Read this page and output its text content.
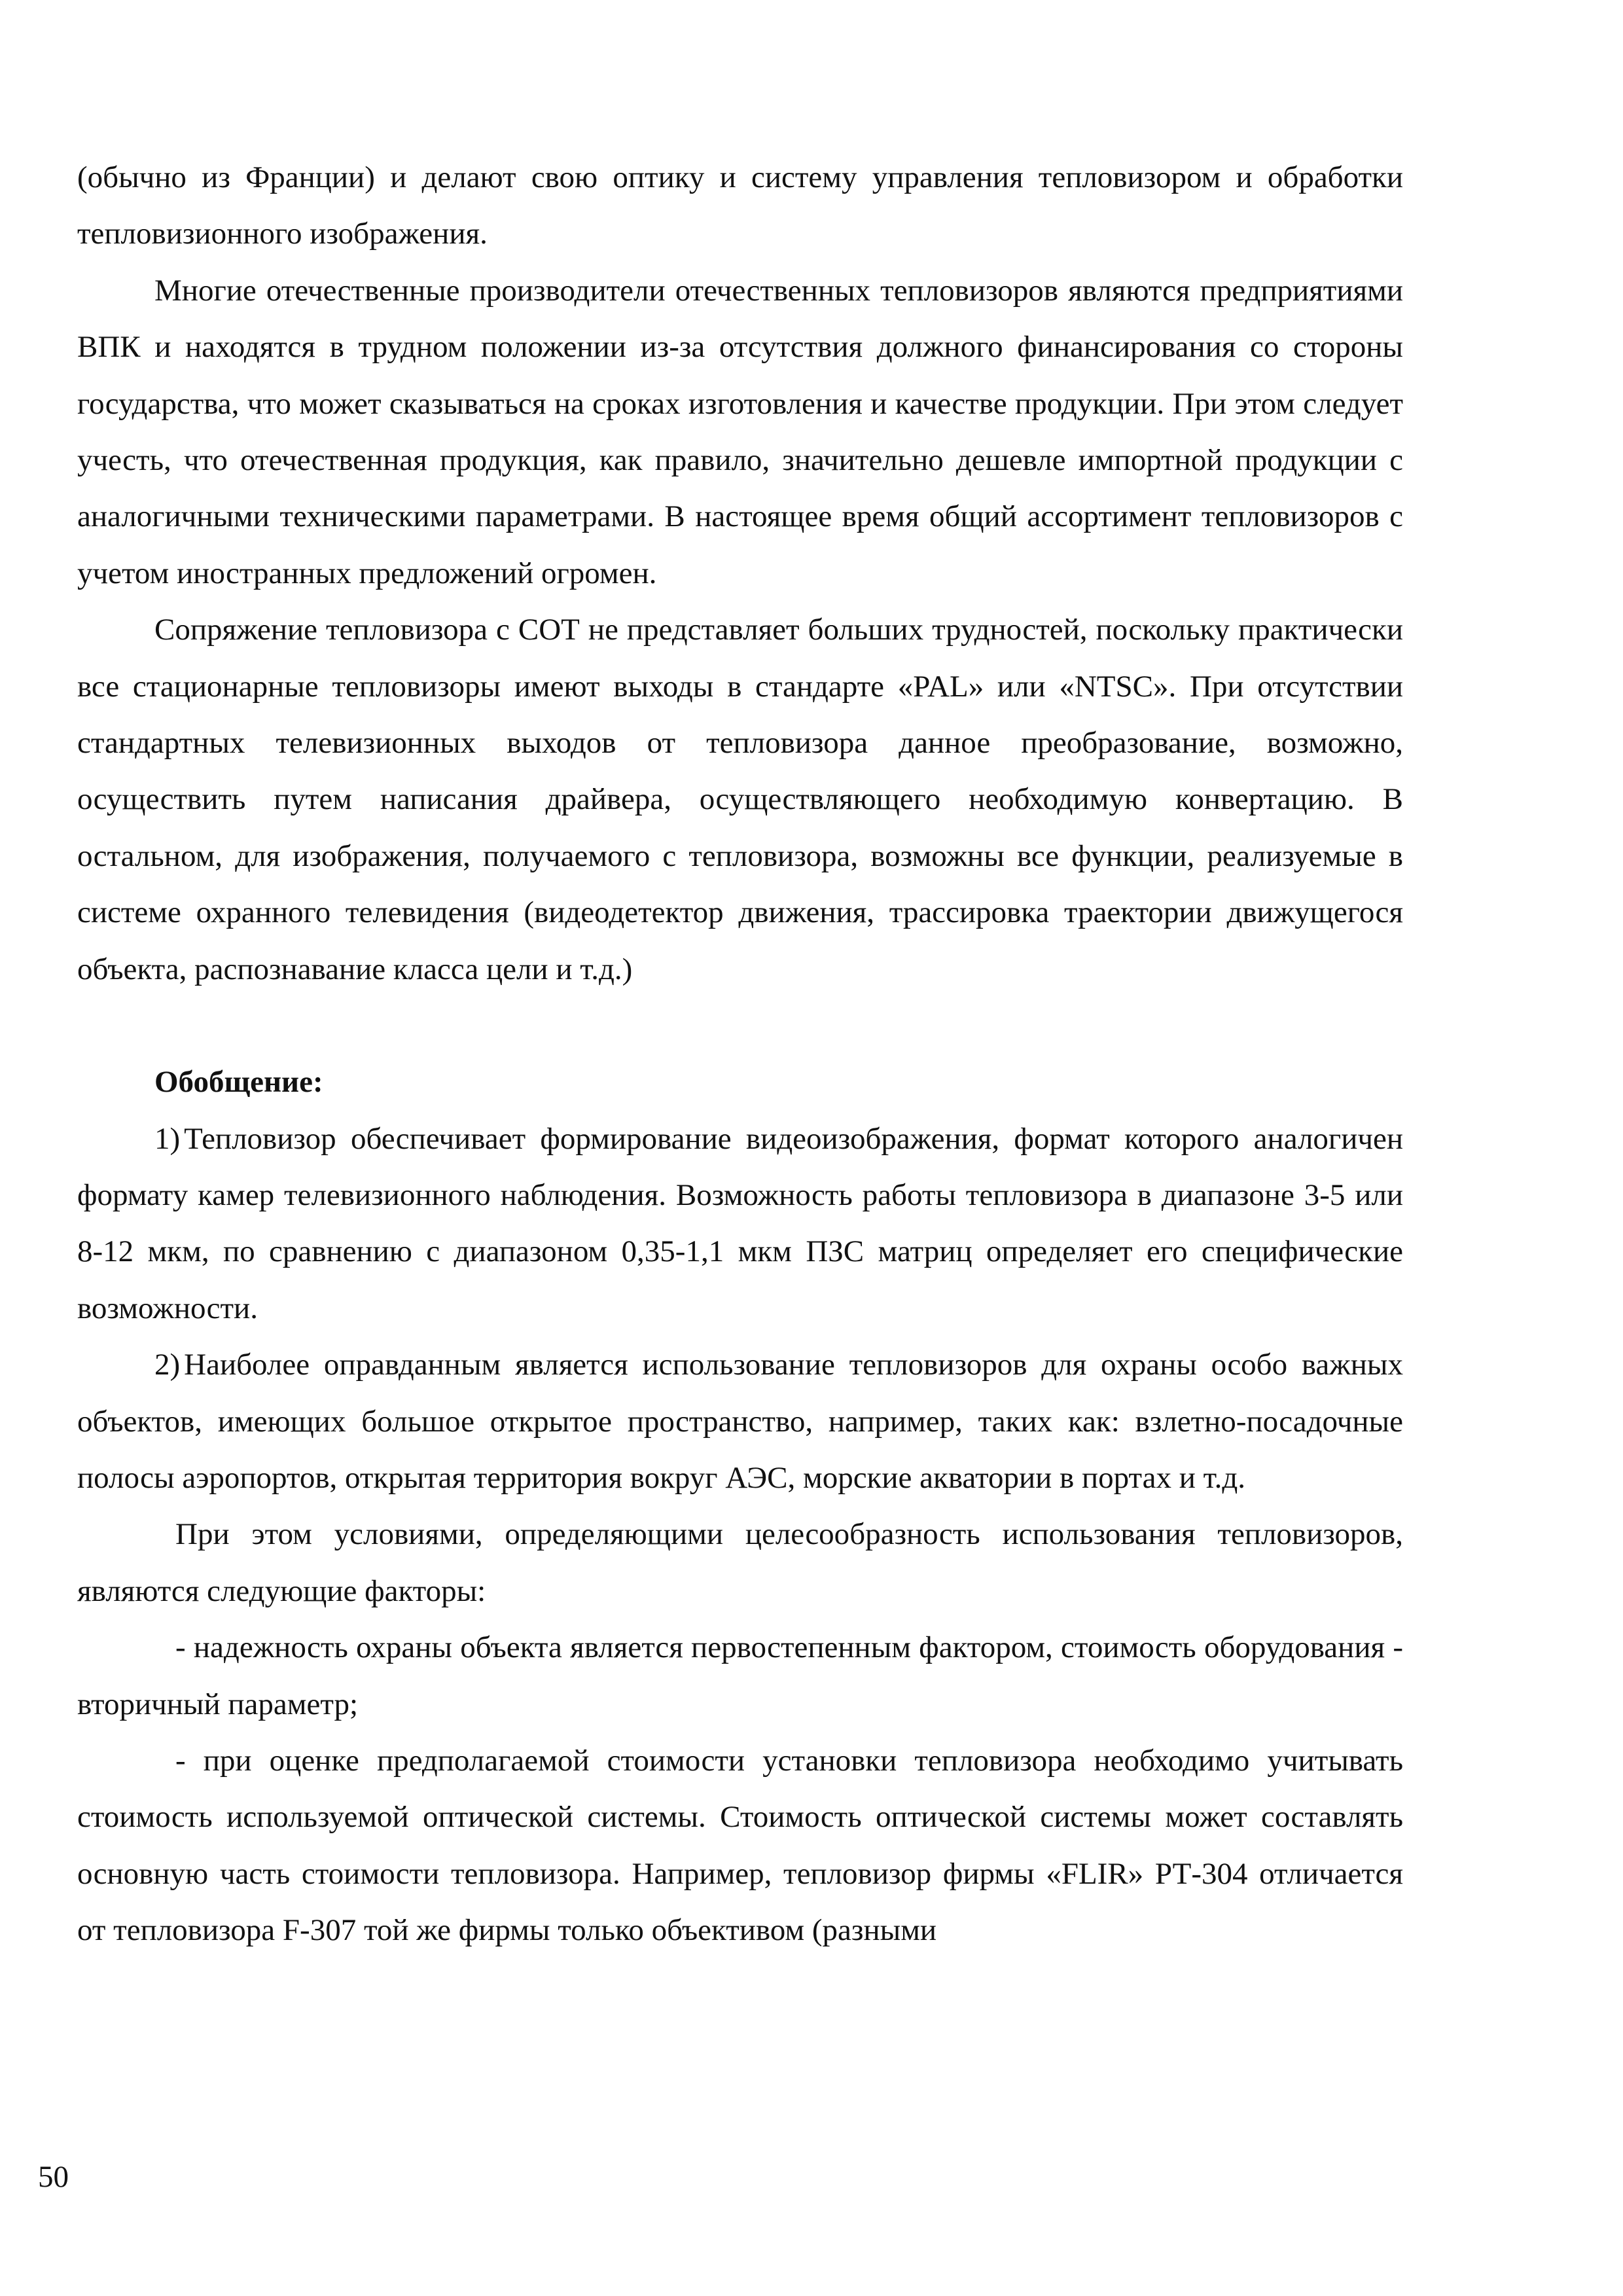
(обычно из Франции) и делают свою оптику и систему управления тепловизором и обработки тепловизионного изображения.

Многие отечественные производители отечественных тепловизоров являются предприятиями ВПК и находятся в трудном положении из-за отсутствия должного финансирования со стороны государства, что может сказываться на сроках изготовления и качестве продукции. При этом следует учесть, что отечественная продукция, как правило, значительно дешевле импортной продукции с аналогичными техническими параметрами. В настоящее время общий ассортимент тепловизоров с учетом иностранных предложений огромен.

Сопряжение тепловизора с СОТ не представляет больших трудностей, поскольку практически все стационарные тепловизоры имеют выходы в стандарте «PAL» или «NTSC». При отсутствии стандартных телевизионных выходов от тепловизора данное преобразование, возможно, осуществить путем написания драйвера, осуществляющего необходимую конвертацию. В остальном, для изображения, получаемого с тепловизора, возможны все функции, реализуемые в системе охранного телевидения (видеодетектор движения, трассировка траектории движущегося объекта, распознавание класса цели и т.д.)

Обобщение:

1) Тепловизор обеспечивает формирование видеоизображения, формат которого аналогичен формату камер телевизионного наблюдения. Возможность работы тепловизора в диапазоне 3-5 или 8-12 мкм, по сравнению с диапазоном 0,35-1,1 мкм ПЗС матриц определяет его специфические возможности.

2) Наиболее оправданным является использование тепловизоров для охраны особо важных объектов, имеющих большое открытое пространство, например, таких как: взлетно-посадочные полосы аэропортов, открытая территория вокруг АЭС, морские акватории в портах и т.д.

При этом условиями, определяющими целесообразность использования тепловизоров, являются следующие факторы:

- надежность охраны объекта является первостепенным фактором, стоимость оборудования - вторичный параметр;

- при оценке предполагаемой стоимости установки тепловизора необходимо учитывать стоимость используемой оптической системы. Стоимость оптической системы может составлять основную часть стоимости тепловизора. Например, тепловизор фирмы «FLIR» РТ-304 отличается от тепловизора F-307 той же фирмы только объективом (разными

50
